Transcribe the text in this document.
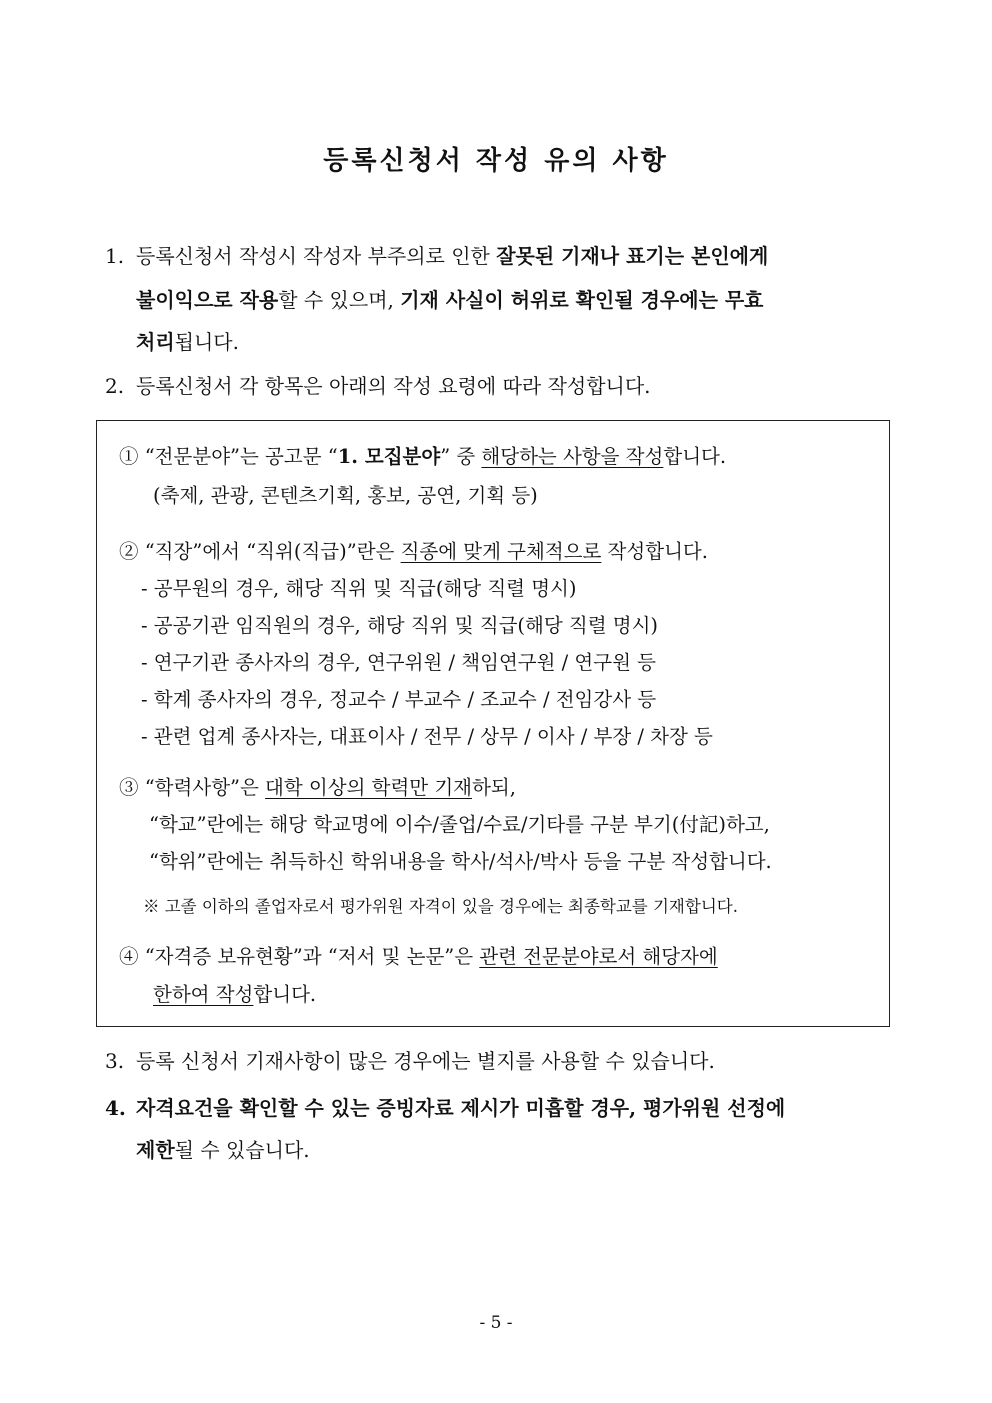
등록신청서 작성 유의 사항
1. 등록신청서 작성시 작성자 부주의로 인한 잘못된 기재나 표기는 본인에게
불이익으로 작용할 수 있으며, 기재 사실이 허위로 확인될 경우에는 무효
처리됩니다.
2. 등록신청서 각 항목은 아래의 작성 요령에 따라 작성합니다.
① “전문분야”는 공고문 “1. 모집분야” 중 해당하는 사항을 작성합니다.
(축제, 관광, 콘텐츠기획, 홍보, 공연, 기획 등)
② “직장”에서 “직위(직급)”란은 직종에 맞게 구체적으로 작성합니다.
- 공무원의 경우, 해당 직위 및 직급(해당 직렬 명시)
- 공공기관 임직원의 경우, 해당 직위 및 직급(해당 직렬 명시)
- 연구기관 종사자의 경우, 연구위원 / 책임연구원 / 연구원 등
- 학계 종사자의 경우, 정교수 / 부교수 / 조교수 / 전임강사 등
- 관련 업계 종사자는, 대표이사 / 전무 / 상무 / 이사 / 부장 / 차장 등
③ “학력사항”은 대학 이상의 학력만 기재하되,
“학교”란에는 해당 학교명에 이수/졸업/수료/기타를 구분 부기(付記)하고,
“학위”란에는 취득하신 학위내용을 학사/석사/박사 등을 구분 작성합니다.
※ 고졸 이하의 졸업자로서 평가위원 자격이 있을 경우에는 최종학교를 기재합니다.
④ “자격증 보유현황”과 “저서 및 논문”은 관련 전문분야로서 해당자에
한하여 작성합니다.
3. 등록 신청서 기재사항이 많은 경우에는 별지를 사용할 수 있습니다.
4. 자격요건을 확인할 수 있는 증빙자료 제시가 미흡할 경우, 평가위원 선정에
제한될 수 있습니다.
- 5 -
